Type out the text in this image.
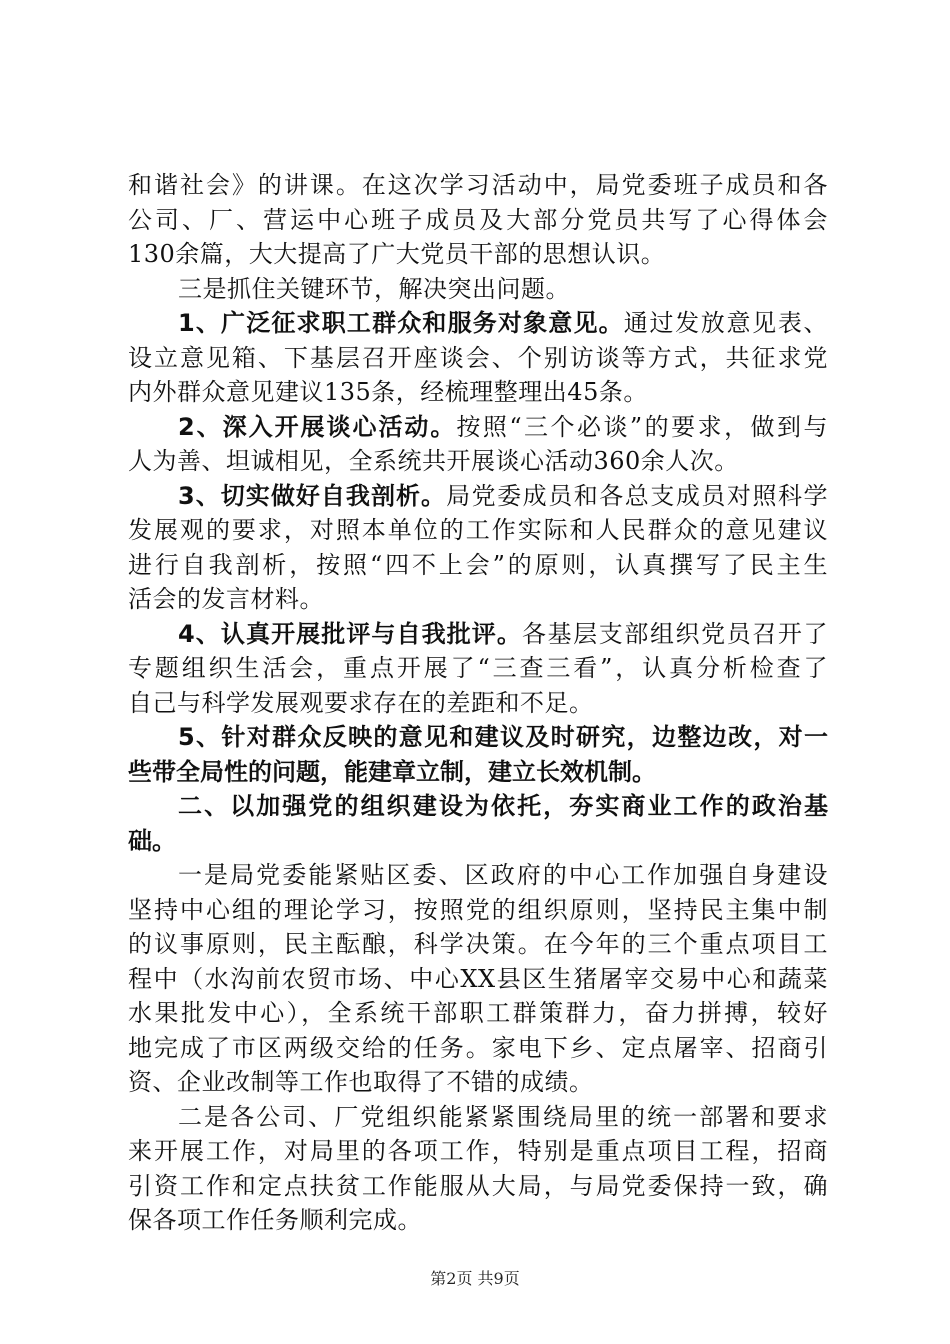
和谐社会》的讲课。在这次学习活动中，局党委班子成员和各
公司、厂、营运中心班子成员及大部分党员共写了心得体会
130余篇，大大提高了广大党员干部的思想认识。
三是抓住关键环节，解决突出问题。
1、广泛征求职工群众和服务对象意见。通过发放意见表、
设立意见箱、下基层召开座谈会、个别访谈等方式，共征求党
内外群众意见建议135条，经梳理整理出45条。
2、深入开展谈心活动。按照“三个必谈”的要求，做到与
人为善、坦诚相见，全系统共开展谈心活动360余人次。
3、切实做好自我剖析。局党委成员和各总支成员对照科学
发展观的要求，对照本单位的工作实际和人民群众的意见建议
进行自我剖析，按照“四不上会”的原则，认真撰写了民主生
活会的发言材料。
4、认真开展批评与自我批评。各基层支部组织党员召开了
专题组织生活会，重点开展了“三查三看”，认真分析检查了
自己与科学发展观要求存在的差距和不足。
5、针对群众反映的意见和建议及时研究，边整边改，对一
些带全局性的问题，能建章立制，建立长效机制。
二、以加强党的组织建设为依托，夯实商业工作的政治基
础。
一是局党委能紧贴区委、区政府的中心工作加强自身建设
坚持中心组的理论学习，按照党的组织原则，坚持民主集中制
的议事原则，民主酝酿，科学决策。在今年的三个重点项目工
程中（水沟前农贸市场、中心XX县区生猪屠宰交易中心和蔬菜
水果批发中心），全系统干部职工群策群力，奋力拼搏，较好
地完成了市区两级交给的任务。家电下乡、定点屠宰、招商引
资、企业改制等工作也取得了不错的成绩。
二是各公司、厂党组织能紧紧围绕局里的统一部署和要求
来开展工作，对局里的各项工作，特别是重点项目工程，招商
引资工作和定点扶贫工作能服从大局，与局党委保持一致，确
保各项工作任务顺利完成。
第2页 共9页
